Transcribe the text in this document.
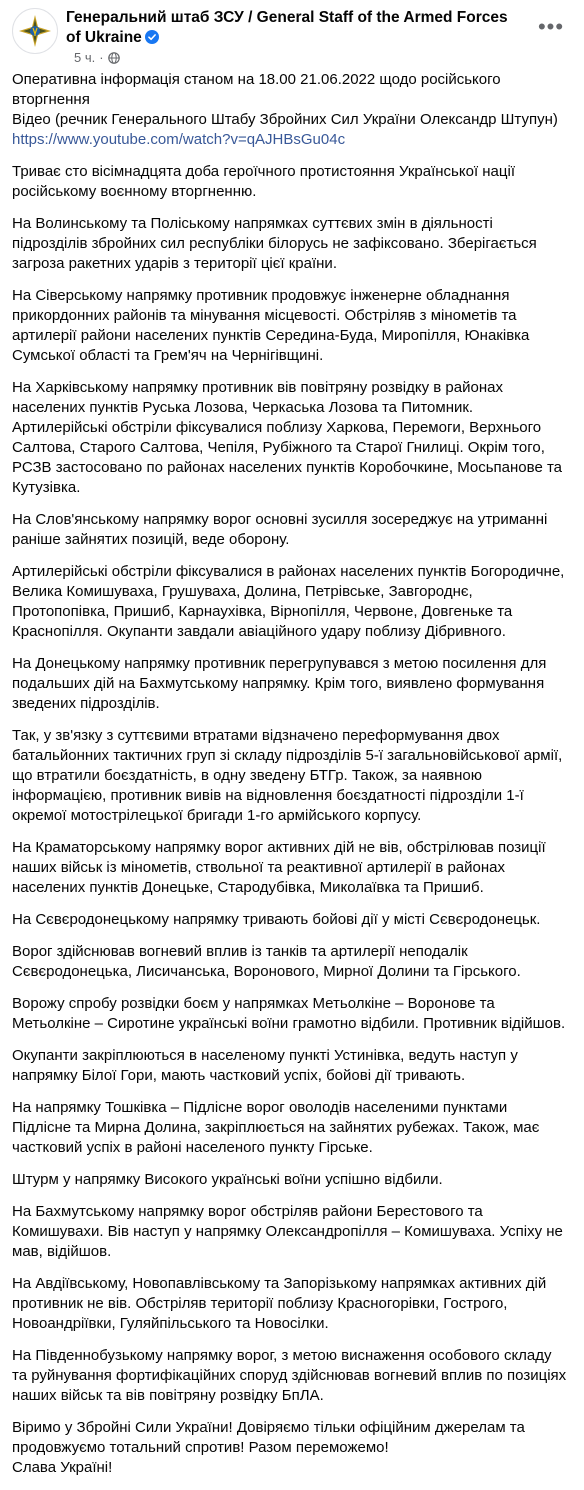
Генеральний штаб ЗСУ / General Staff of the Armed Forces of Ukraine
5 ч. ·
•••

Оперативна інформація станом на 18.00 21.06.2022 щодо російського вторгнення
Відео (речник Генерального Штабу Збройних Сил України Олександр Штупун)
https://www.youtube.com/watch?v=qAJHBsGu04c

Триває сто вісімнадцята доба героїчного протистояння Української нації російському воєнному вторгненню.

На Волинському та Поліському напрямках суттєвих змін в діяльності підрозділів збройних сил республіки білорусь не зафіксовано. Зберігається загроза ракетних ударів з території цієї країни.

На Сіверському напрямку противник продовжує інженерне обладнання прикордонних районів та мінування місцевості. Обстріляв з мінометів та артилерії райони населених пунктів Середина-Буда, Миропілля, Юнаківка Сумської області та Грем'яч на Чернігівщині.

На Харківському напрямку противник вів повітряну розвідку в районах населених пунктів Руська Лозова, Черкаська Лозова та Питомник. Артилерійські обстріли фіксувалися поблизу Харкова, Перемоги, Верхнього Салтова, Старого Салтова, Чепіля, Рубіжного та Старої Гнилиці. Окрім того, РСЗВ застосовано по районах населених пунктів Коробочкине, Мосьпанове та Кутузівка.

На Слов'янському напрямку ворог основні зусилля зосереджує на утриманні раніше зайнятих позицій, веде оборону.

Артилерійські обстріли фіксувалися в районах населених пунктів Богородичне, Велика Комишуваха, Грушуваха, Долина, Петрівське, Завгороднє, Протопопівка, Пришиб, Карнаухівка, Вірнопілля, Червоне, Довгеньке та Краснопілля. Окупанти завдали авіаційного удару поблизу Дібривного.

На Донецькому напрямку противник перегрупувався з метою посилення для подальших дій на Бахмутському напрямку. Крім того, виявлено формування зведених підрозділів.

Так, у зв'язку з суттєвими втратами відзначено переформування двох батальйонних тактичних груп зі складу підрозділів 5-ї загальновійськової армії, що втратили боєздатність, в одну зведену БТГр. Також, за наявною інформацією, противник вивів на відновлення боєздатності підрозділи 1-ї окремої мотострілецької бригади 1-го армійського корпусу.

На Краматорському напрямку ворог активних дій не вів, обстрілював позиції наших військ із мінометів, ствольної та реактивної артилерії в районах населених пунктів Донецьке, Стародубівка, Миколаївка та Пришиб.

На Сєвєродонецькому напрямку тривають бойові дії у місті Сєвєродонецьк.

Ворог здійснював вогневий вплив із танків та артилерії неподалік Сєвєродонецька, Лисичанська, Воронового, Мирної Долини та Гірського.

Ворожу спробу розвідки боєм у напрямках Метьолкіне – Воронове та Метьолкіне – Сиротине українські воїни грамотно відбили. Противник відійшов.

Окупанти закріплюються в населеному пункті Устинівка, ведуть наступ у напрямку Білої Гори, мають частковий успіх, бойові дії тривають.

На напрямку Тошківка – Підлісне ворог оволодів населеними пунктами Підлісне та Мирна Долина, закріплюється на зайнятих рубежах. Також, має частковий успіх в районі населеного пункту Гірське.

Штурм у напрямку Високого українські воїни успішно відбили.

На Бахмутському напрямку ворог обстріляв райони Берестового та Комишувахи. Вів наступ у напрямку Олександропілля – Комишуваха. Успіху не мав, відійшов.

На Авдіївському, Новопавлівському та Запорізькому напрямках активних дій противник не вів. Обстріляв території поблизу Красногорівки, Гострого, Новоандріївки, Гуляйпільського та Новосілки.

На Південнобузькому напрямку ворог, з метою виснаження особового складу та руйнування фортифікаційних споруд здійснював вогневий вплив по позиціях наших військ та вів повітряну розвідку БпЛА.

Віримо у Збройні Сили України! Довіряємо тільки офіційним джерелам та продовжуємо тотальний спротив! Разом переможемо!
Слава Україні!
